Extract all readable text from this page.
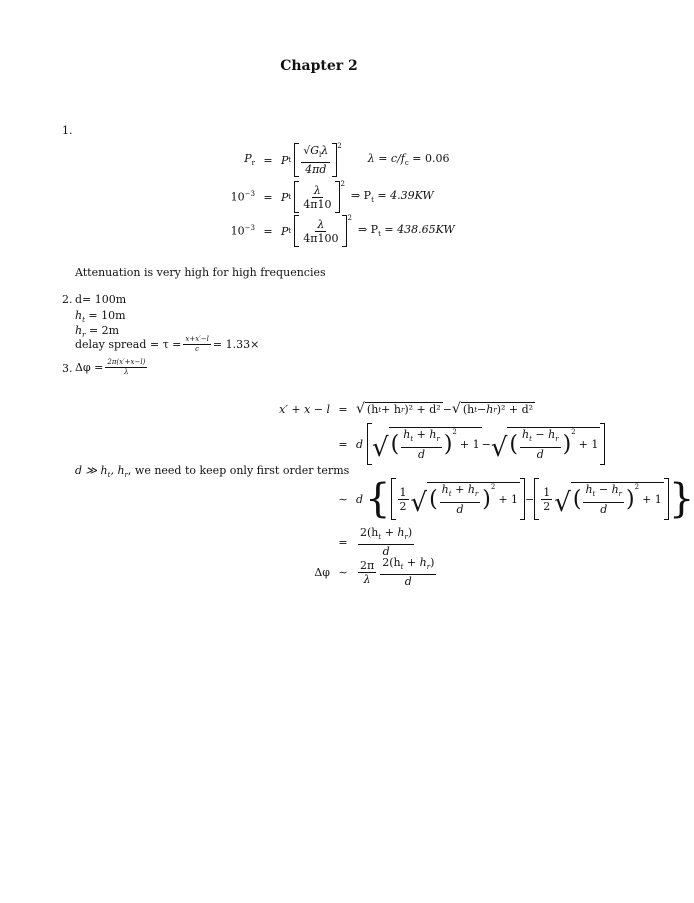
Chapter 2
1.
$P_r = P$ t $\frac{√G_l\lambda}{4\pi d} ^2$
$\lambda = c/f_c = 0.06$
$10^{-3} = P$ t $\frac{\lambda}{4\pi 10} ^2$
⇒ $P_t = 4.39KW$
$10^{-3} = P$ t $\frac{\lambda}{4\pi 100} ^2$
⇒ $P_t = 438.65KW$
Attenuation is very high for high frequencies
2. d= 100m
$h_t = 10m$
$h_r = 2m$
delay spread = $\tau = \frac{x+x'-l}{c} = 1.33\times$
3. $\Delta\varphi = \frac{2\pi(x'+x-l)}{\lambda}$
x′ + x − l = √ (h t + h r ) ² + d² − √ (h t − h r ) ² + d²
= d √ ( $\frac{h_t + h_r}{d} )^2$
+ 1 − √ ( $\frac{h_t - h_r}{d} )^2$
+ 1
d ≫ $h_t$, $h_r$, we need to keep only first order terms
∼ d { $\frac{1}{2}$ √ ( $\frac{h_t + h_r}{d} )^2$
+ $1 - \frac{1}{2}$ √ ( $\frac{h_t - h_r}{d} )^2$
+ 1 }
= $\frac{2(h_t + h_r)}{d}$
Δφ ∼ $\frac{2\pi}{\lambda} \frac{2(h_t + h_r)}{d}$
